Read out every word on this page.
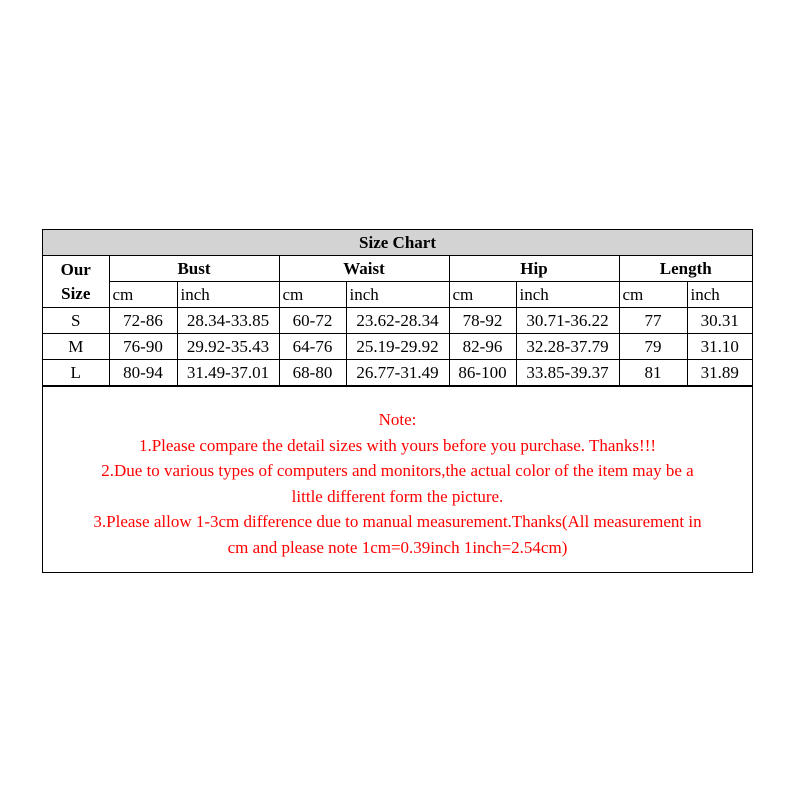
Size Chart								
Our
Size	Bust		Waist		Hip		Length	
	cm	inch	cm	inch	cm	inch	cm	inch
S	72-86	28.34-33.85	60-72	23.62-28.34	78-92	30.71-36.22	77	30.31
M	76-90	29.92-35.43	64-76	25.19-29.92	82-96	32.28-37.79	79	31.10
L	80-94	31.49-37.01	68-80	26.77-31.49	86-100	33.85-39.37	81	31.89
Note:
1.Please compare the detail sizes with yours before you purchase. Thanks!!!
2.Due to various types of computers and monitors,the actual color of the item may be a
little different form the picture.
3.Please allow 1-3cm difference due to manual measurement.Thanks(All measurement in
cm and please note 1cm=0.39inch 1inch=2.54cm)
